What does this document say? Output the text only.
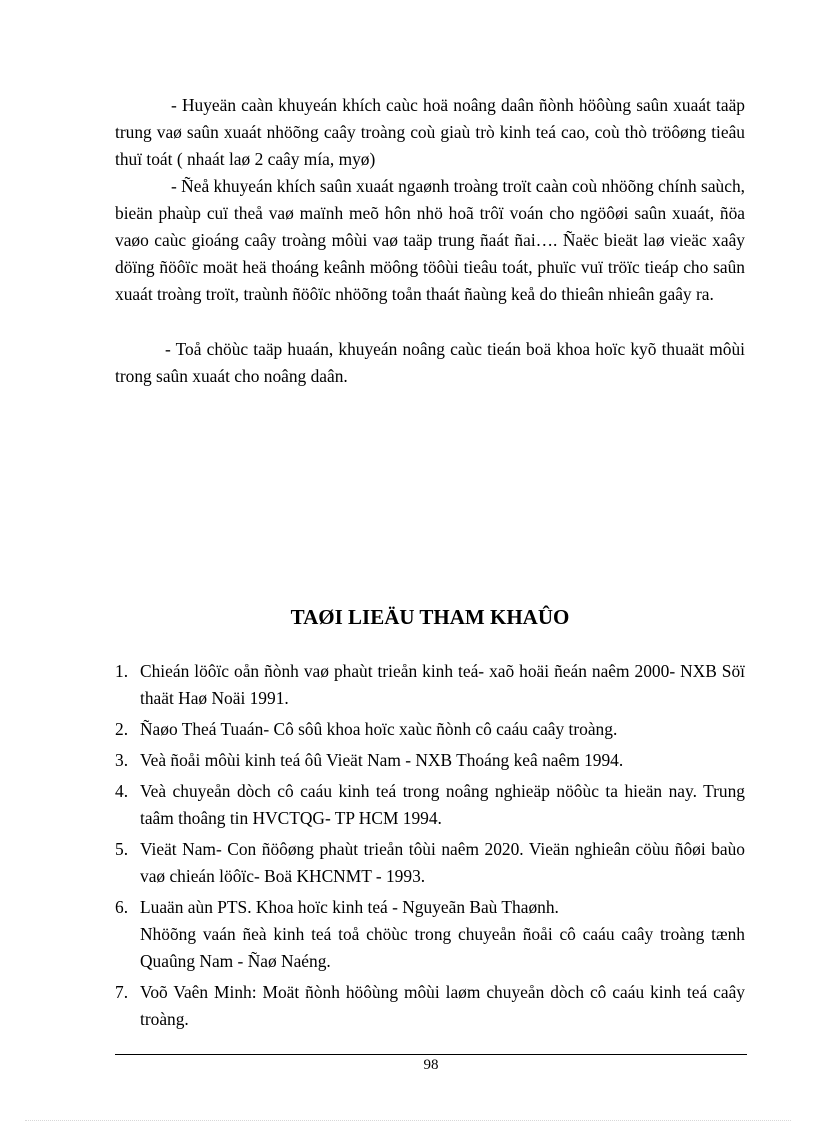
- Huyeän caàn khuyeán khích caùc hoä noâng daân ñònh höôùng saûn xuaát taäp trung vaø saûn xuaát nhöõng caây troàng coù giaù trò kinh teá cao, coù thò tröôøng tieâu thuï toát ( nhaát laø 2 caây mía, myø)

- Ñeå khuyeán khích saûn xuaát ngaønh troàng troït caàn coù nhöõng chính saùch, bieän phaùp cuï theå vaø maïnh meõ hôn nhö hoã trôï voán cho ngöôøi saûn xuaát, ñöa vaøo caùc gioáng caây troàng môùi vaø taäp trung ñaát ñai…. Ñaëc bieät laø vieäc xaây döïng ñöôïc moät heä thoáng keânh möông töôùi tieâu toát, phuïc vuï tröïc tieáp cho saûn xuaát troàng troït, traùnh ñöôïc nhöõng toån thaát ñaùng keå do thieân nhieân gaây ra.

- Toå chöùc taäp huaán, khuyeán noâng caùc tieán boä khoa hoïc kyõ thuaät môùi trong saûn xuaát cho noâng daân.

TAØI LIEÄU THAM KHAÛO
1. Chieán löôïc oån ñònh vaø phaùt trieån kinh teá- xaõ hoäi ñeán naêm 2000- NXB Söï thaät Haø Noäi 1991.
2. Ñaøo Theá Tuaán- Cô sôû khoa hoïc xaùc ñònh cô caáu caây troàng.
3. Veà ñoåi môùi kinh teá ôû Vieät Nam - NXB Thoáng keâ naêm 1994.
4. Veà chuyeån dòch cô caáu kinh teá trong noâng nghieäp nöôùc ta hieän nay. Trung taâm thoâng tin HVCTQG- TP HCM 1994.
5. Vieät Nam- Con ñöôøng phaùt trieån tôùi naêm 2020. Vieän nghieân cöùu ñôøi baùo vaø chieán löôïc- Boä KHCNMT - 1993.
6. Luaän aùn PTS. Khoa hoïc kinh teá - Nguyeãn Baù Thaønh.
Nhöõng vaán ñeà kinh teá toå chöùc trong chuyeån ñoåi cô caáu caây troàng tænh Quaûng Nam - Ñaø Naéng.
7. Voõ Vaên Minh: Moät ñònh höôùng môùi laøm chuyeån dòch cô caáu kinh teá caây troàng.
98
